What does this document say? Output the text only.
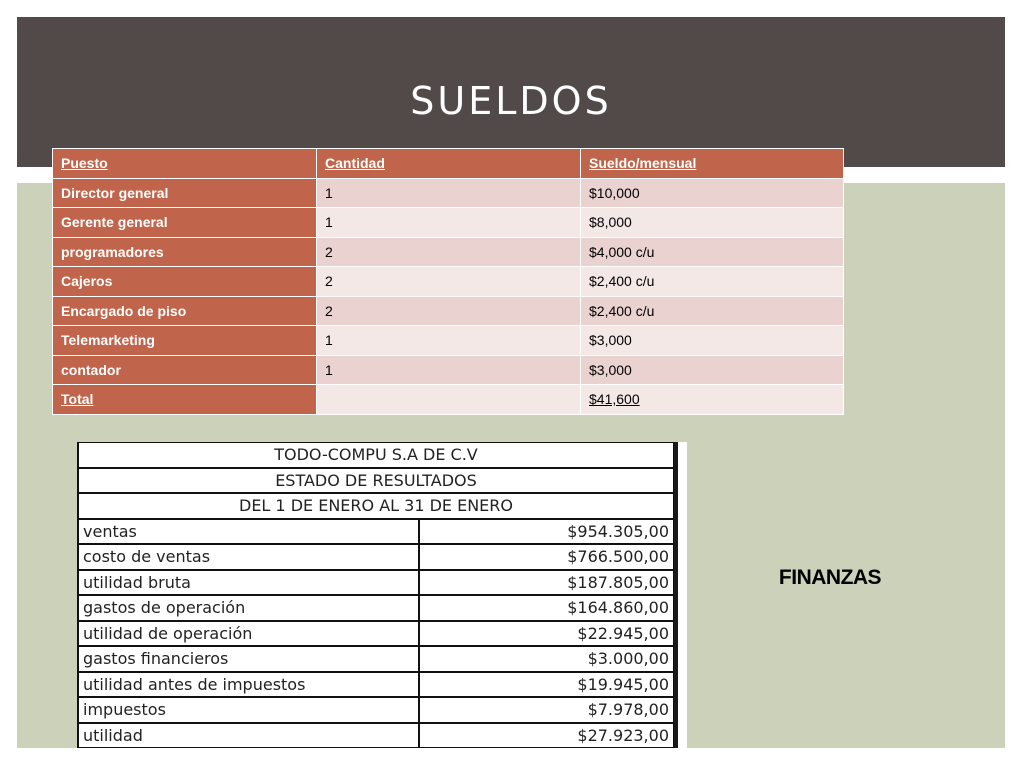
SUELDOS
Puesto	Cantidad	Sueldo/mensual
Director general	1	$10,000
Gerente general	1	$8,000
programadores	2	$4,000 c/u
Cajeros	2	$2,400 c/u
Encargado de piso	2	$2,400 c/u
Telemarketing	1	$3,000
contador	1	$3,000
Total		$41,600
TODO-COMPU S.A DE C.V	
ESTADO DE RESULTADOS	
DEL 1 DE ENERO AL 31 DE ENERO	
ventas	$954.305,00
costo de ventas	$766.500,00
utilidad bruta	$187.805,00
gastos de operación	$164.860,00
utilidad de operación	$22.945,00
gastos financieros	$3.000,00
utilidad antes de impuestos	$19.945,00
impuestos	$7.978,00
utilidad	$27.923,00
FINANZAS
